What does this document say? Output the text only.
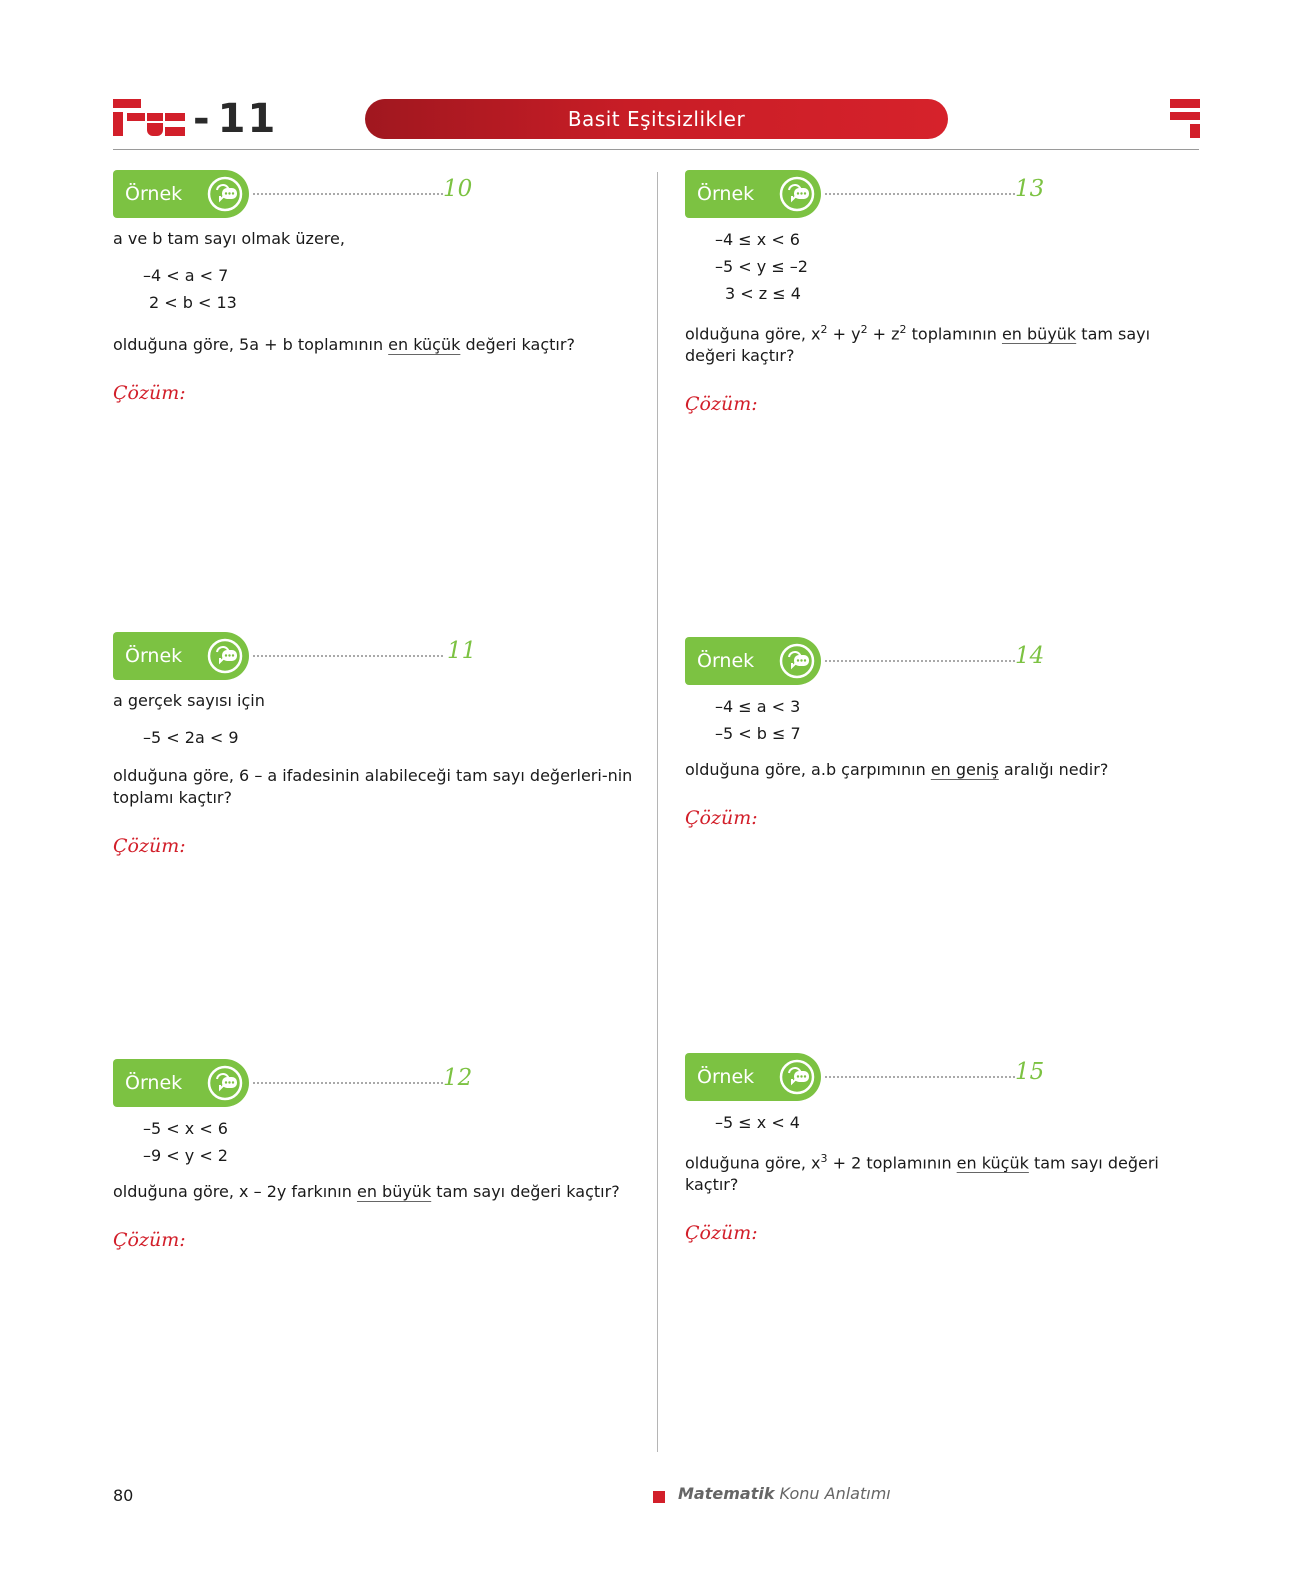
- 11	Basit Eşitsizlikler
Örnek	10

a ve b tam sayı olmak üzere,

–4 < a < 7
2 < b < 13

olduğuna göre, 5a + b toplamının en küçük değeri kaçtır?

Çözüm:
Örnek	11

a gerçek sayısı için

–5 < 2a < 9

olduğuna göre, 6 – a ifadesinin alabileceği tam sayı değerleri-nin toplamı kaçtır?

Çözüm:
Örnek	12
–5 < x < 6
–9 < y < 2

olduğuna göre, x – 2y farkının en büyük tam sayı değeri kaçtır?

Çözüm:
Örnek	13
–4 ≤ x < 6
–5 < y ≤ –2
3 < z ≤ 4

olduğuna göre, $x^2 + y^2 + z^2$ toplamının en büyük tam sayı değeri kaçtır?

Çözüm:
Örnek	14
–4 ≤ a < 3
–5 < b ≤ 7

olduğuna göre, a.b çarpımının en geniş aralığı nedir?

Çözüm:
Örnek	15
–5 ≤ x < 4

olduğuna göre, $x^3 + 2$ toplamının en küçük tam sayı değeri kaçtır?

Çözüm:
80	Matematik Konu Anlatımı
